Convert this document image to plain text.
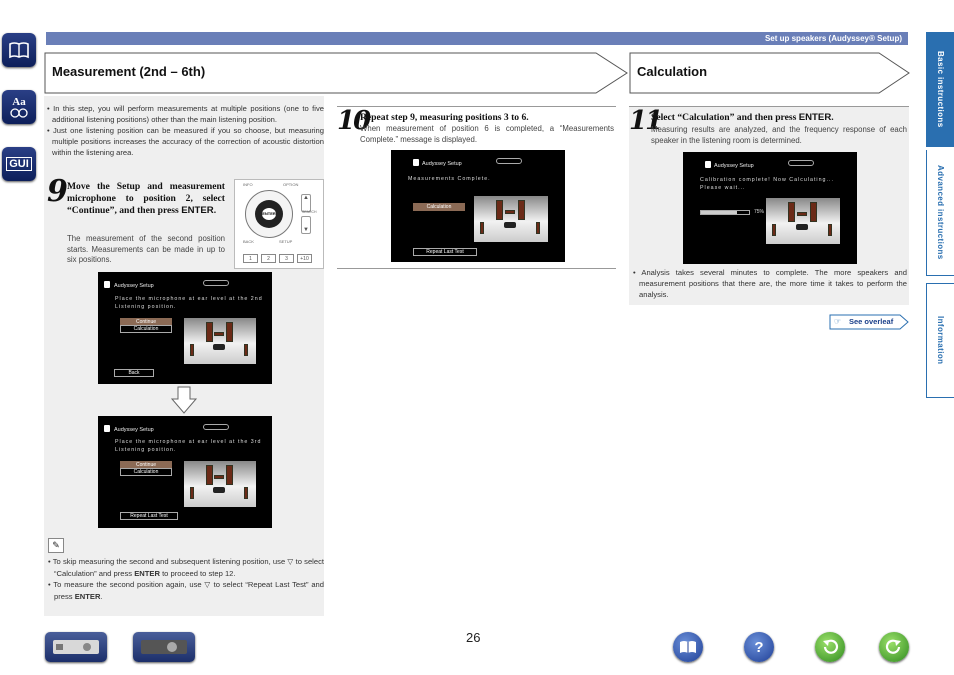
Set up speakers (Audyssey® Setup)
Aa
GUI
Basic instructions
Advanced instructions
Information
Measurement (2nd – 6th)
• In this step, you will perform measurements at multiple positions (one to five additional listening positions) other than the main listening position.
• Just one listening position can be measured if you so choose, but measuring multiple positions increases the accuracy of the correction of acoustic distortion within the listening area.
9 Move the Setup and measurement microphone to position 2, select “Continue”, and then press ENTER.
The measurement of the second position starts. Measurements can be made in up to six positions.
INFO	OPTION
ENTER
▲
▼
SEARCH
BACK	SETUP
1	2	3	+10
Audyssey Setup
Place the microphone at ear level at the 2nd
Listening position.
Continue
Calculation
Back
Audyssey Setup
Place the microphone at ear level at the 3rd
Listening position.
Continue
Calculation
Repeat Last Test
✎
• To skip measuring the second and subsequent listening position, use ▽ to select “Calculation” and press ENTER to proceed to step 12.
• To measure the second position again, use ▽ to select “Repeat Last Test” and press ENTER.
10
Repeat step 9, measuring positions 3 to 6.
When measurement of position 6 is completed, a “Measurements Complete.” message is displayed.
Audyssey Setup
Measurements Complete.
Calculation
Repeat Last Test
Calculation
11
Select “Calculation” and then press ENTER.
Measuring results are analyzed, and the frequency response of each speaker in the listening room is determined.
Audyssey Setup
Calibration complete! Now Calculating...
Please wait...
75%
• Analysis takes several minutes to complete. The more speakers and measurement positions that there are, the more time it takes to perform the analysis.
☞ See overleaf
26
?
